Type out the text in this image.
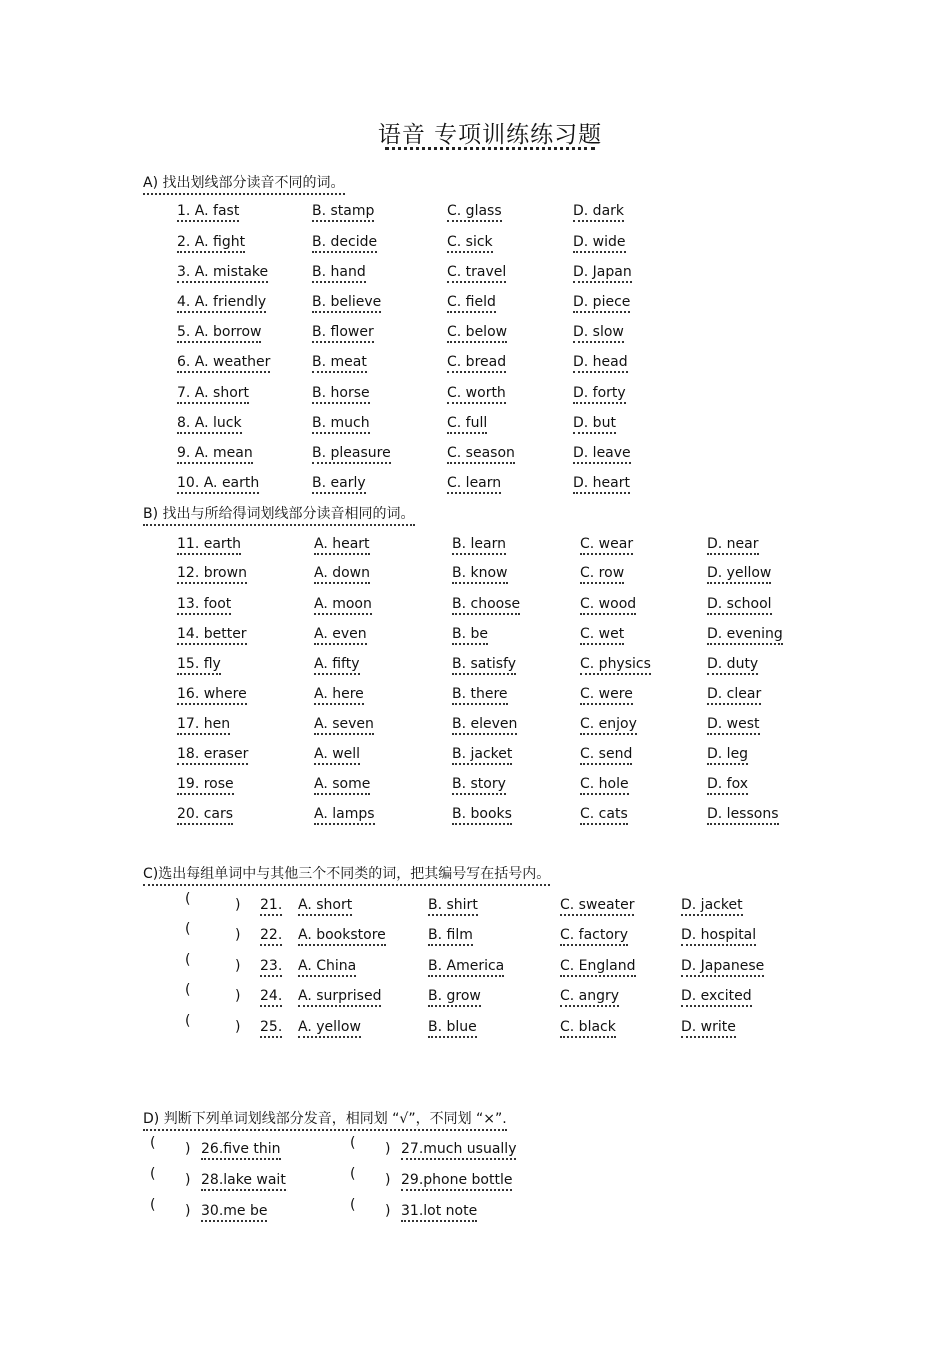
语音 专项训练练习题
A) 找出划线部分读音不同的词。
1. A. fast	B. stamp	C. glass	D. dark
2. A. fight	B. decide	C. sick	D. wide
3. A. mistake	B. hand	C. travel	D. Japan
4. A. friendly	B. believe	C. field	D. piece
5. A. borrow	B. flower	C. below	D. slow
6. A. weather	B. meat	C. bread	D. head
7. A. short	B. horse	C. worth	D. forty
8. A. luck	B. much	C. full	D. but
9. A. mean	B. pleasure	C. season	D. leave
10. A. earth	B. early	C. learn	D. heart
B) 找出与所给得词划线部分读音相同的词。
11. earth	A. heart	B. learn	C. wear	D. near
12. brown	A. down	B. know	C. row	D. yellow
13. foot	A. moon	B. choose	C. wood	D. school
14. better	A. even	B. be	C. wet	D. evening
15. fly	A. fifty	B. satisfy	C. physics	D. duty
16. where	A. here	B. there	C. were	D. clear
17. hen	A. seven	B. eleven	C. enjoy	D. west
18. eraser	A. well	B. jacket	C. send	D. leg
19. rose	A. some	B. story	C. hole	D. fox
20. cars	A. lamps	B. books	C. cats	D. lessons
C)选出每组单词中与其他三个不同类的词，把其编号写在括号内。
(	) 21. A. short	B. shirt	C. sweater	D. jacket
(	) 22. A. bookstore	B. film	C. factory	D. hospital
(	) 23. A. China	B. America	C. England	D. Japanese
(	) 24. A. surprised	B. grow	C. angry	D. excited
(	) 25. A. yellow	B. blue	C. black	D. write
D) 判断下列单词划线部分发音，相同划 “√”，不同划 “×”.
( ) 26.five thin	( ) 27.much usually
( ) 28.lake wait	( ) 29.phone bottle
( ) 30.me be	( ) 31.lot note
